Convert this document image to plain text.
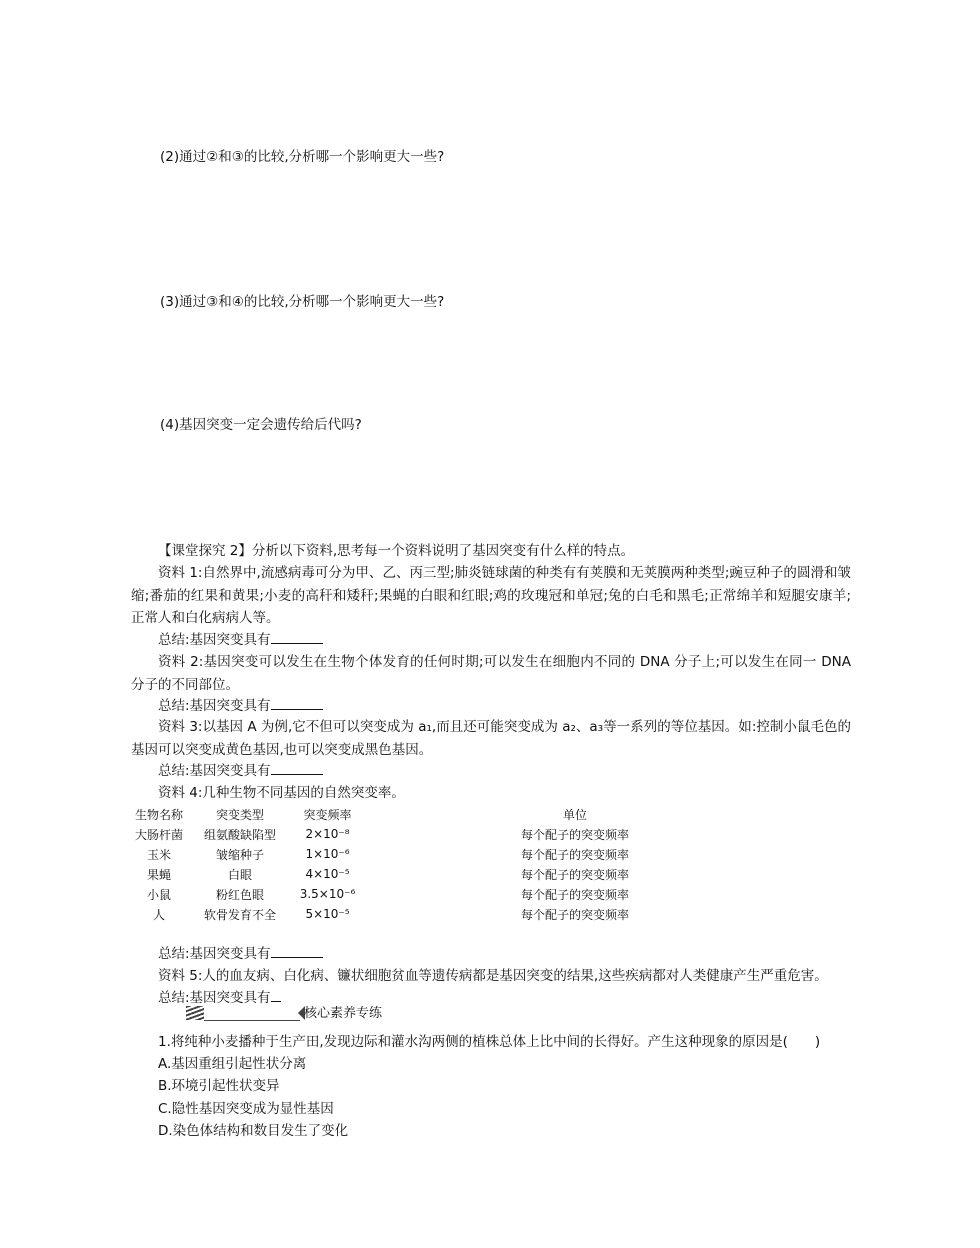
(2)通过②和③的比较,分析哪一个影响更大一些?
(3)通过③和④的比较,分析哪一个影响更大一些?
(4)基因突变一定会遗传给后代吗?
【课堂探究 2】分析以下资料,思考每一个资料说明了基因突变有什么样的特点。
资料 1:自然界中,流感病毒可分为甲、乙、丙三型;肺炎链球菌的种类有有荚膜和无荚膜两种类型;豌豆种子的圆滑和皱缩;番茄的红果和黄果;小麦的高秆和矮秆;果蝇的白眼和红眼;鸡的玫瑰冠和单冠;兔的白毛和黑毛;正常绵羊和短腿安康羊;正常人和白化病病人等。
总结:基因突变具有
资料 2:基因突变可以发生在生物个体发育的任何时期;可以发生在细胞内不同的 DNA 分子上;可以发生在同一 DNA 分子的不同部位。
总结:基因突变具有
资料 3:以基因 A 为例,它不但可以突变成为 a₁,而且还可能突变成为 a₂、a₃等一系列的等位基因。如:控制小鼠毛色的基因可以突变成黄色基因,也可以突变成黑色基因。
总结:基因突变具有
资料 4:几种生物不同基因的自然突变率。
生物名称	突变类型	突变频率	单位
大肠杆菌	组氨酸缺陷型	2×10⁻⁸	每个配子的突变频率
玉米	皱缩种子	1×10⁻⁶	每个配子的突变频率
果蝇	白眼	4×10⁻⁵	每个配子的突变频率
小鼠	粉红色眼	3.5×10⁻⁶	每个配子的突变频率
人	软骨发育不全	5×10⁻⁵	每个配子的突变频率
总结:基因突变具有
资料 5:人的血友病、白化病、镰状细胞贫血等遗传病都是基因突变的结果,这些疾病都对人类健康产生严重危害。
总结:基因突变具有
核心素养专练
1.将纯种小麦播种于生产田,发现边际和灌水沟两侧的植株总体上比中间的长得好。产生这种现象的原因是(　　)
A.基因重组引起性状分离
B.环境引起性状变异
C.隐性基因突变成为显性基因
D.染色体结构和数目发生了变化
